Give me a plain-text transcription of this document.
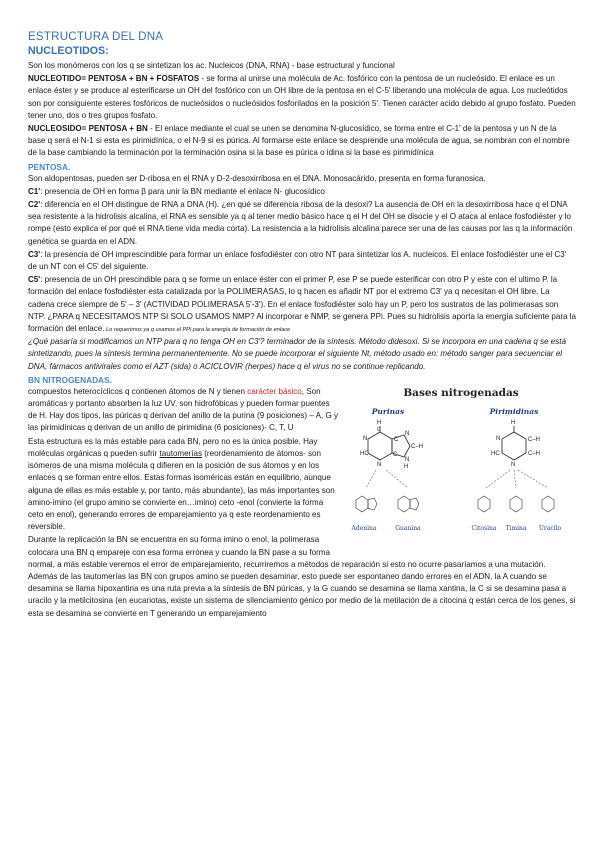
ESTRUCTURA DEL DNA
NUCLEOTIDOS:

Son los monómeros con los q se sintetizan los ac. Nucleicos (DNA, RNA) - base estructural y funcional

NUCLEOTIDO= PENTOSA + BN + FOSFATOS - se forma al unirse una molécula de Ac. fosfórico con la pentosa de un nucleósido. El enlace es un enlace éster y se produce al esterificarse un OH del fosfórico con un OH libre de la pentosa en el C-5' liberando una molécula de agua. Los nucleótidos son por consiguiente esteres fosfóricos de nucleósidos o nucleósidos fosforilados en la posición 5'. Tienen carácter acido debido al grupo fosfato. Pueden tener uno, dos o tres grupos fosfato.

NUCLEOSIDO= PENTOSA + BN - El enlace mediante el cual se unen se denomina N-glucosídico, se forma entre el C-1' de la pentosa y un N de la base q será el N-1 si esta es pirimidínica, o el N-9 si es púrica. Al formarse este enlace se desprende una molécula de agua, se nombran con el nombre de la base cambiando la terminación por la terminación osina si la base es púrica o idina si la base es pirimidínica

PENTOSA.

Son aldopentosas, pueden ser D-ribosa en el RNA y D-2-desoxirribosa en el DNA. Monosacárido, presenta en forma furanosica.

C1': presencia de OH en forma β para unir la BN mediante el enlace N- glucosídico

C2': diferencia en el OH distingue de RNA a DNA (H). ¿en qué se diferencia ribosa de la desoxi? La ausencia de OH en la desoxirribosa hace q el DNA sea resistente a la hidrolisis alcalina, el RNA es sensible ya q al tener medio básico hace q el H del OH se disocie y el O ataca al enlace fosfodiéster y lo rompe (esto explica el por qué el RNA tiene vida media corta). La resistencia a la hidrolisis alcalina parece ser una de las causas por las q la información genética se guarda en el ADN.

C3': la presencia de OH imprescindible para formar un enlace fosfodiéster con otro NT para sintetizar los A. nucleicos. El enlace fosfodiéster une el C3' de un NT con el C5' del siguiente.

C5': presencia de un OH prescindible para q se forme un enlace éster con el primer P, ese P se puede esterificar con otro P y este con el ultimo P. la formación del enlace fosfodiéster esta catalizada por la POLIMERASAS, lo q hacen es añadir NT por el extremo C3' ya q necesitan el OH libre. La cadena crece siempre de 5' – 3' (ACTIVIDAD POLIMERASA 5'-3'). En el enlace fosfodiéster solo hay un P, pero los sustratos de las polimerasas son NTP. ¿PARA q NECESITAMOS NTP SI SOLO USAMOS NMP? Al incorporar e NMP, se genera PPi. Pues su hidrolisis aporta la energía suficiente para la formación del enlace. Lo requerimos ya q usamos el PPi para la energía de formación de enlace

¿Qué pasaría si modificamos un NTP para q no tenga OH en C3'? terminador de la síntesis. Método didesoxi. Si se incorpora en una cadena q se está sintetizando, pues la síntesis termina permanentemente. No se puede incorporar el siguiente Nt, método usado en: método sanger para secuenciar el DNA, fármacos antivirales como el AZT (sida) o ACICLOVIR (herpes) hace q el virus no se continue replicando.

BN NITROGENADAS.
Bases nitrogenadas
Purinas	Pirimidinas
H
C
N	C
N
C–H
HC	C
N
N	H
H
N	C–H
HC	C–H
N
Adenina	Guanina	Citosina Timina Uracilo

compuestos heterocíclicos q contienen átomos de N y tienen carácter básico, Son aromáticas y portanto absorben la luz UV, son hidrofóbicas y pueden formar puentes de H. Hay dos tipos, las púricas q derivan del anillo de la purina (9 posiciones) – A, G y las pirimidínicas q derivan de un anillo de pirimidina (6 posiciones)- C, T, U

Esta estructura es la más estable para cada BN, pero no es la única posible. Hay moléculas orgánicas q pueden sufrir tautomerías (reordenamiento de átomos- son isómeros de una misma molécula q difieren en la posición de sus átomos y en los enlaces q se forman entre ellos. Estas formas isoméricas están en equilibrio, aunque alguna de ellas es más estable y, por tanto, más abundante), las más importantes son amino-imino (el grupo amino se convierte en…imino) ceto -enol (convierte la forma ceto en enol), generando errores de emparejamiento ya q este reordenamiento es reversible.

Durante la replicación la BN se encuentra en su forma imino o enol, la polimerasa colocara una BN q empareje con esa forma errónea y cuando la BN pase a su forma normal, a más estable veremos el error de emparejamiento, recurriremos a métodos de reparación si esto no ocurre pasaríamos a una mutación. Además de las tautomerías las BN con grupos amino se pueden desaminar, esto puede ser espontaneo dando errores en el ADN, la A cuando se desamina se llama hipoxantina es una ruta previa a la síntesis de BN púricas, y la G cuando se desamina se llama xantina, la C si se desamina pasa a uracilo y la metilcitosina (en eucariotas, existe un sistema de silenciamiento génico por medio de la metilación de a citocina q están cerca de los genes, si esta se desamina se convierte en T generando un emparejamiento
